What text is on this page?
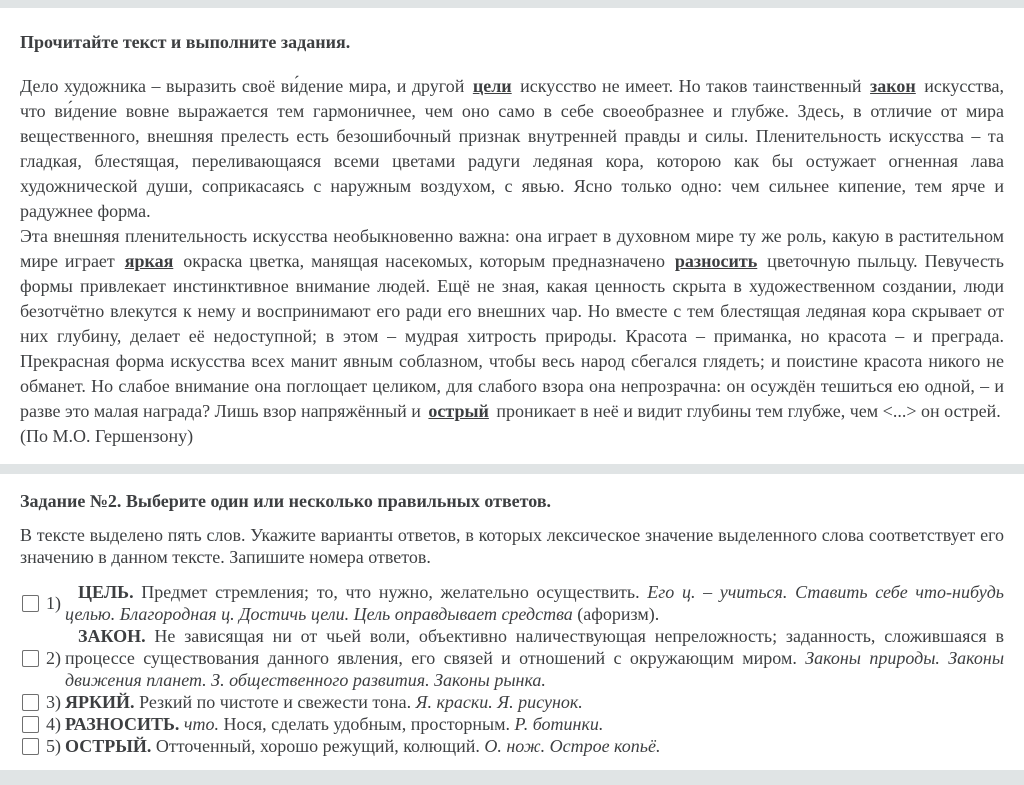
Прочитайте текст и выполните задания.

Дело художника – выразить своё ви́дение мира, и другой цели искусство не имеет. Но таков таинственный закон искусства, что ви́дение вовне выражается тем гармоничнее, чем оно само в себе своеобразнее и глубже. Здесь, в отличие от мира вещественного, внешняя прелесть есть безошибочный признак внутренней правды и силы. Пленительность искусства – та гладкая, блестящая, переливающаяся всеми цветами радуги ледяная кора, которою как бы остужает огненная лава художнической души, соприкасаясь с наружным воздухом, с явью. Ясно только одно: чем сильнее кипение, тем ярче и радужнее форма.

Эта внешняя пленительность искусства необыкновенно важна: она играет в духовном мире ту же роль, какую в растительном мире играет яркая окраска цветка, манящая насекомых, которым предназначено разносить цветочную пыльцу. Певучесть формы привлекает инстинктивное внимание людей. Ещё не зная, какая ценность скрыта в художественном создании, люди безотчётно влекутся к нему и воспринимают его ради его внешних чар. Но вместе с тем блестящая ледяная кора скрывает от них глубину, делает её недоступной; в этом – мудрая хитрость природы. Красота – приманка, но красота – и преграда. Прекрасная форма искусства всех манит явным соблазном, чтобы весь народ сбегался глядеть; и поистине красота никого не обманет. Но слабое внимание она поглощает целиком, для слабого взора она непрозрачна: он осуждён тешиться ею одной, – и разве это малая награда? Лишь взор напряжённый и острый проникает в неё и видит глубины тем глубже, чем <...> он острей.

(По М.О. Гершензону)

Задание №2. Выберите один или несколько правильных ответов.
В тексте выделено пять слов. Укажите варианты ответов, в которых лексическое значение выделенного слова соответствует его значению в данном тексте. Запишите номера ответов.
1)
ЦЕЛЬ. Предмет стремления; то, что нужно, желательно осуществить. Его ц. – учиться. Ставить себе что-нибудь целью. Благородная ц. Достичь цели. Цель оправдывает средства (афоризм).
2)
ЗАКОН. Не зависящая ни от чьей воли, объективно наличествующая непреложность; заданность, сложившаяся в процессе существования данного явления, его связей и отношений с окружающим миром. Законы природы. Законы движения планет. З. общественного развития. Законы рынка.
3) ЯРКИЙ. Резкий по чистоте и свежести тона. Я. краски. Я. рисунок.
4) РАЗНОСИТЬ. что. Нося, сделать удобным, просторным. Р. ботинки.
5) ОСТРЫЙ. Отточенный, хорошо режущий, колющий. О. нож. Острое копьё.
